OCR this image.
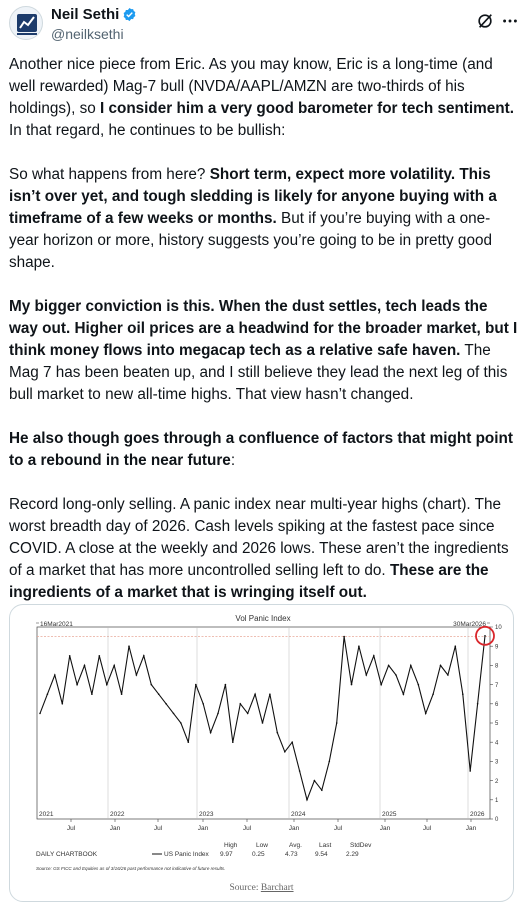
Neil Sethi
@neilksethi

Another nice piece from Eric. As you may know, Eric is a long-time (and well rewarded) Mag-7 bull (NVDA/AAPL/AMZN are two-thirds of his holdings), so I consider him a very good barometer for tech sentiment. In that regard, he continues to be bullish:

So what happens from here? Short term, expect more volatility. This isn’t over yet, and tough sledding is likely for anyone buying with a timeframe of a few weeks or months. But if you’re buying with a one-year horizon or more, history suggests you’re going to be in pretty good shape.

My bigger conviction is this. When the dust settles, tech leads the way out. Higher oil prices are a headwind for the broader market, but I think money flows into megacap tech as a relative safe haven. The Mag 7 has been beaten up, and I still believe they lead the next leg of this bull market to new all-time highs. That view hasn’t changed.

He also though goes through a confluence of factors that might point to a rebound in the near future:

Record long-only selling. A panic index near multi-year highs (chart). The worst breadth day of 2026. Cash levels spiking at the fastest pace since COVID. A close at the weekly and 2026 lows. These aren’t the ingredients of a market that has more uncontrolled selling left to do. These are the ingredients of a market that is wringing itself out.

Vol Panic Index
16Mar2021	30Mar2026
0
1
2
3
4
5
6
7
8
9
10
2021	2022	2023	2024	2025	2026
Jul	Jan	Jul	Jan	Jul	Jan	Jul	Jan	Jul	Jan
DAILY CHARTBOOK	US Panic Index
High
9.97
Low
0.25
Avg.
4.73
Last
9.54
StdDev
2.29
Source: GS FICC and Equities as of 3/16/26 past performance not indicative of future results.
Source: Barchart
